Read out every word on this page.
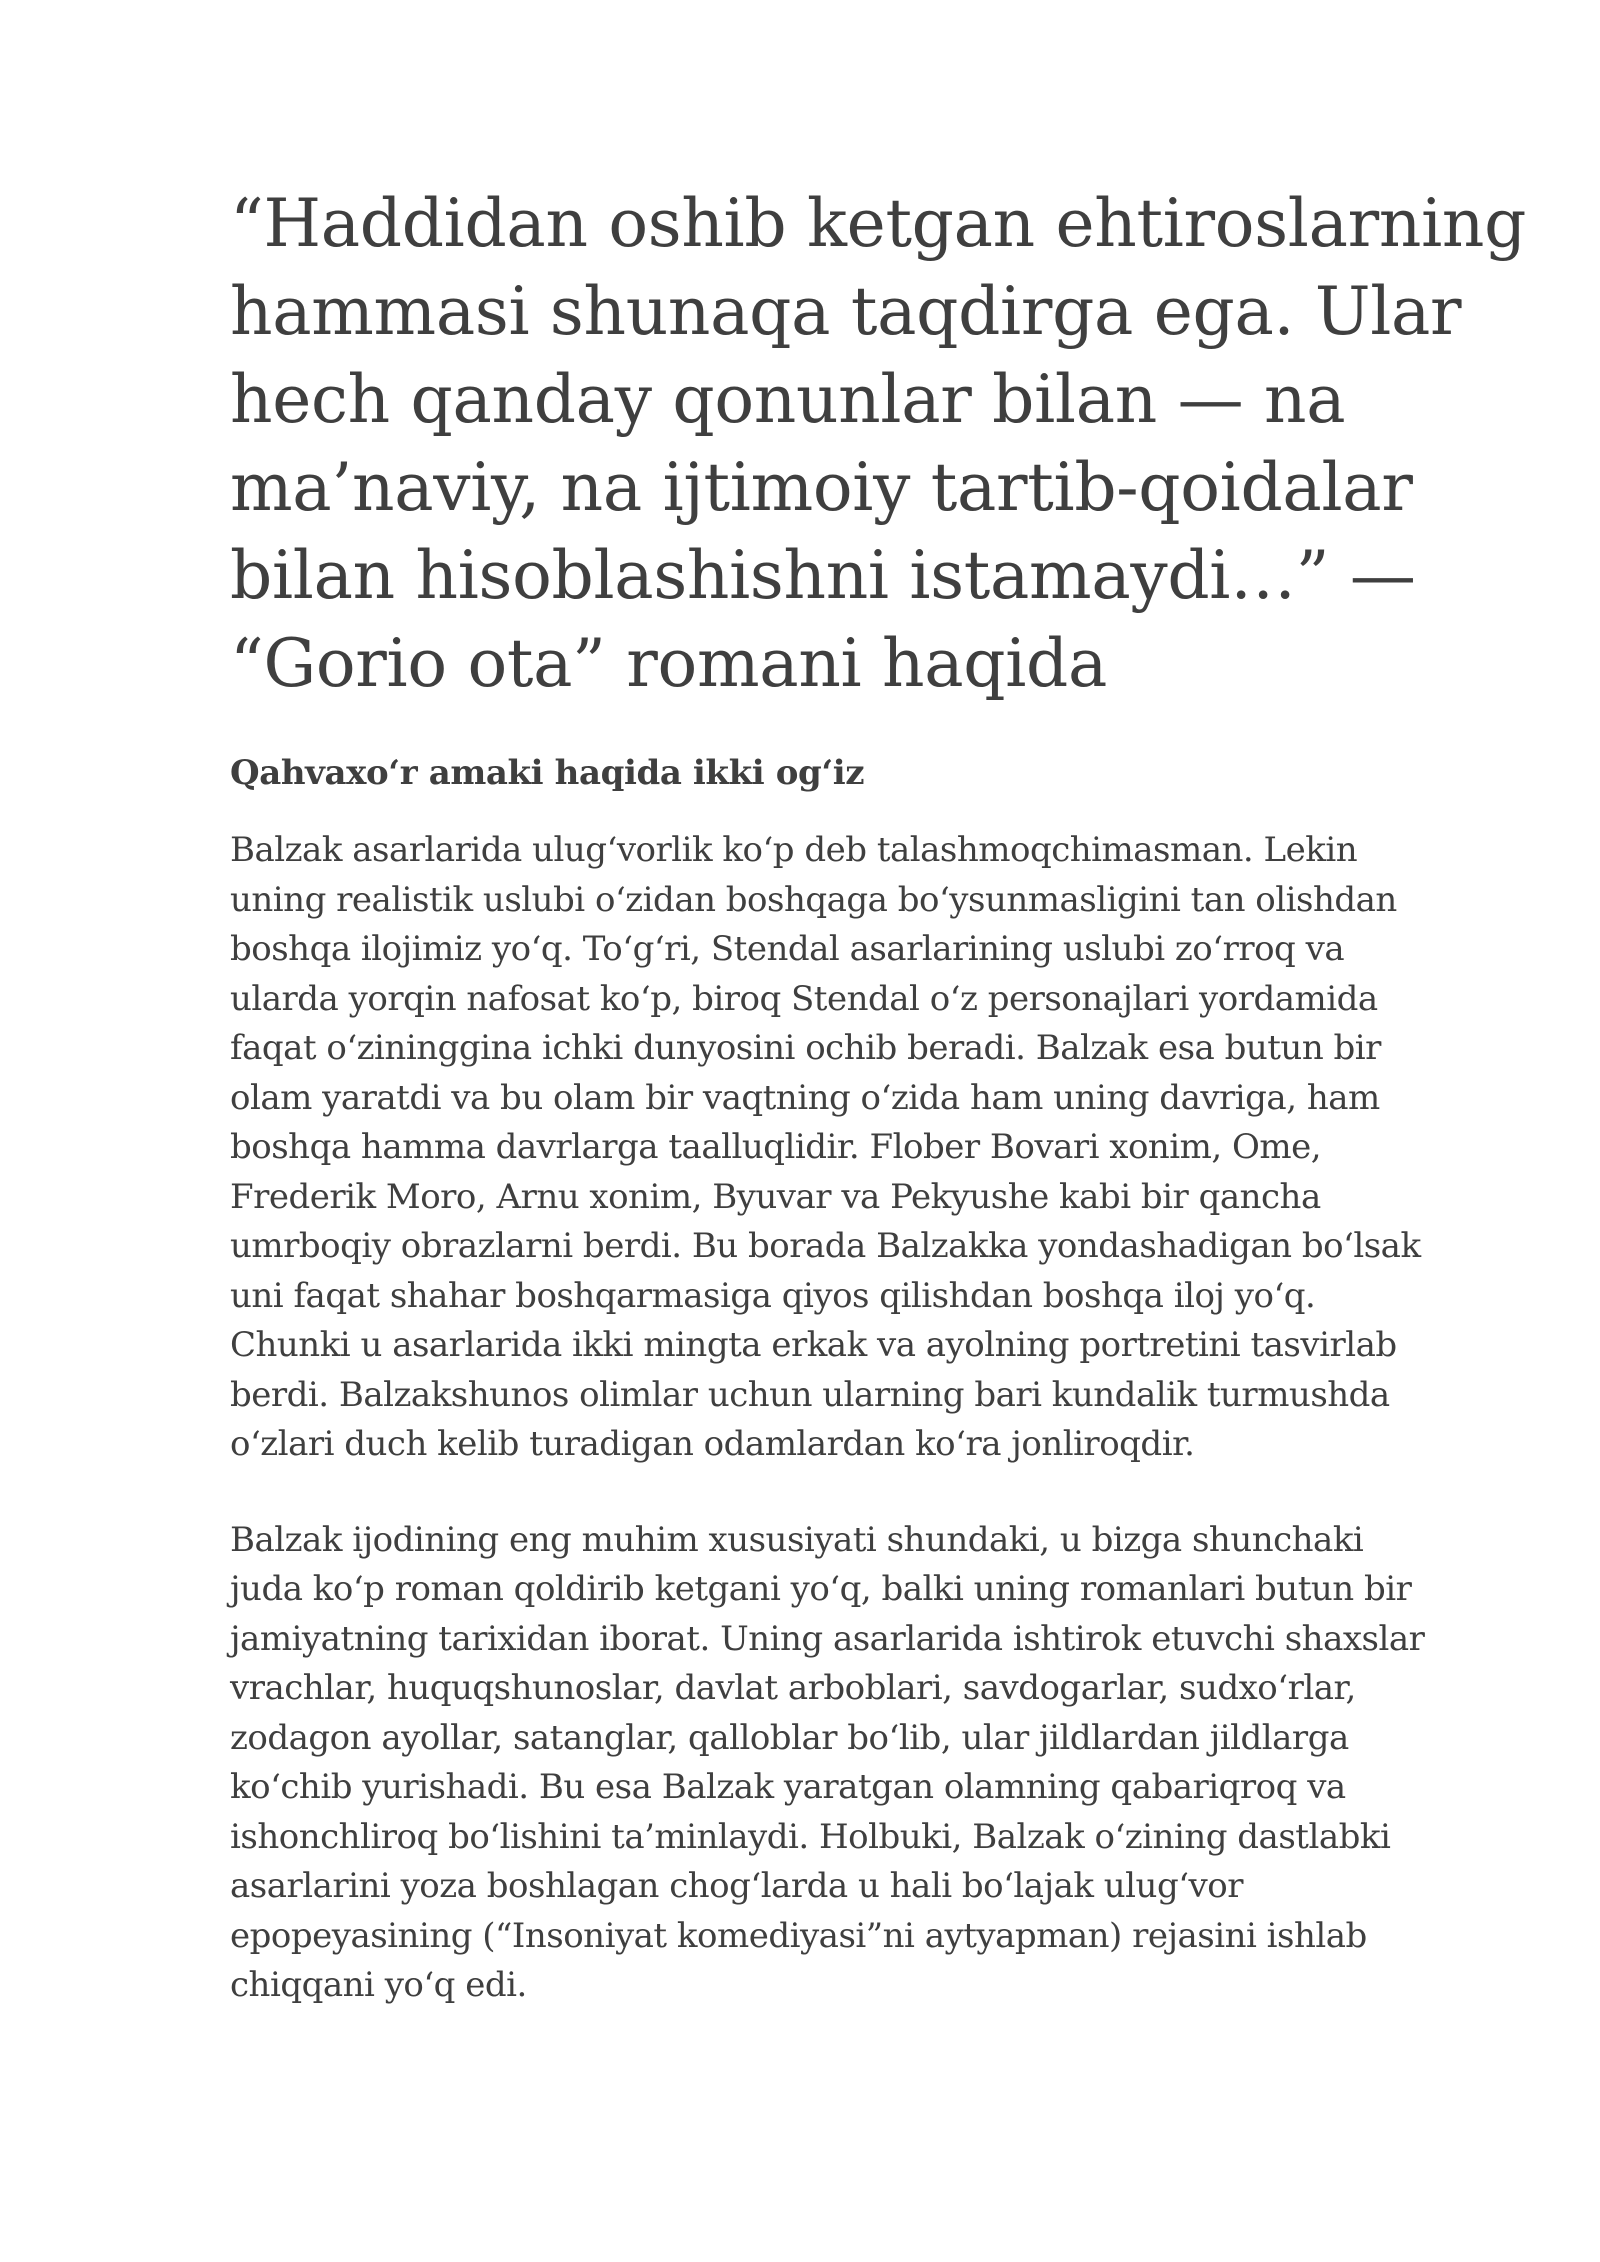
“Haddidan oshib ketgan ehtiroslarning
hammasi shunaqa taqdirga ega. Ular
hech qanday qonunlar bilan — na
ma’naviy, na ijtimoiy tartib-qoidalar
bilan hisoblashishni istamaydi…” —
“Gorio ota” romani haqida
Qahvaxo‘r amaki haqida ikki og‘iz

Balzak asarlarida ulug‘vorlik ko‘p deb talashmoqchimasman. Lekin
uning realistik uslubi o‘zidan boshqaga bo‘ysunmasligini tan olishdan
boshqa ilojimiz yo‘q. To‘g‘ri, Stendal asarlarining uslubi zo‘rroq va
ularda yorqin nafosat ko‘p, biroq Stendal o‘z personajlari yordamida
faqat o‘zininggina ichki dunyosini ochib beradi. Balzak esa butun bir
olam yaratdi va bu olam bir vaqtning o‘zida ham uning davriga, ham
boshqa hamma davrlarga taalluqlidir. Flober Bovari xonim, Ome,
Frederik Moro, Arnu xonim, Byuvar va Pekyushe kabi bir qancha
umrboqiy obrazlarni berdi. Bu borada Balzakka yondashadigan bo‘lsak
uni faqat shahar boshqarmasiga qiyos qilishdan boshqa iloj yo‘q.
Chunki u asarlarida ikki mingta erkak va ayolning portretini tasvirlab
berdi. Balzakshunos olimlar uchun ularning bari kundalik turmushda
o‘zlari duch kelib turadigan odamlardan ko‘ra jonliroqdir.

Balzak ijodining eng muhim xususiyati shundaki, u bizga shunchaki
juda ko‘p roman qoldirib ketgani yo‘q, balki uning romanlari butun bir
jamiyatning tarixidan iborat. Uning asarlarida ishtirok etuvchi shaxslar
vrachlar, huquqshunoslar, davlat arboblari, savdogarlar, sudxo‘rlar,
zodagon ayollar, satanglar, qalloblar bo‘lib, ular jildlardan jildlarga
ko‘chib yurishadi. Bu esa Balzak yaratgan olamning qabariqroq va
ishonchliroq bo‘lishini ta’minlaydi. Holbuki, Balzak o‘zining dastlabki
asarlarini yoza boshlagan chog‘larda u hali bo‘lajak ulug‘vor
epopeyasining (“Insoniyat komediyasi”ni aytyapman) rejasini ishlab
chiqqani yo‘q edi.
